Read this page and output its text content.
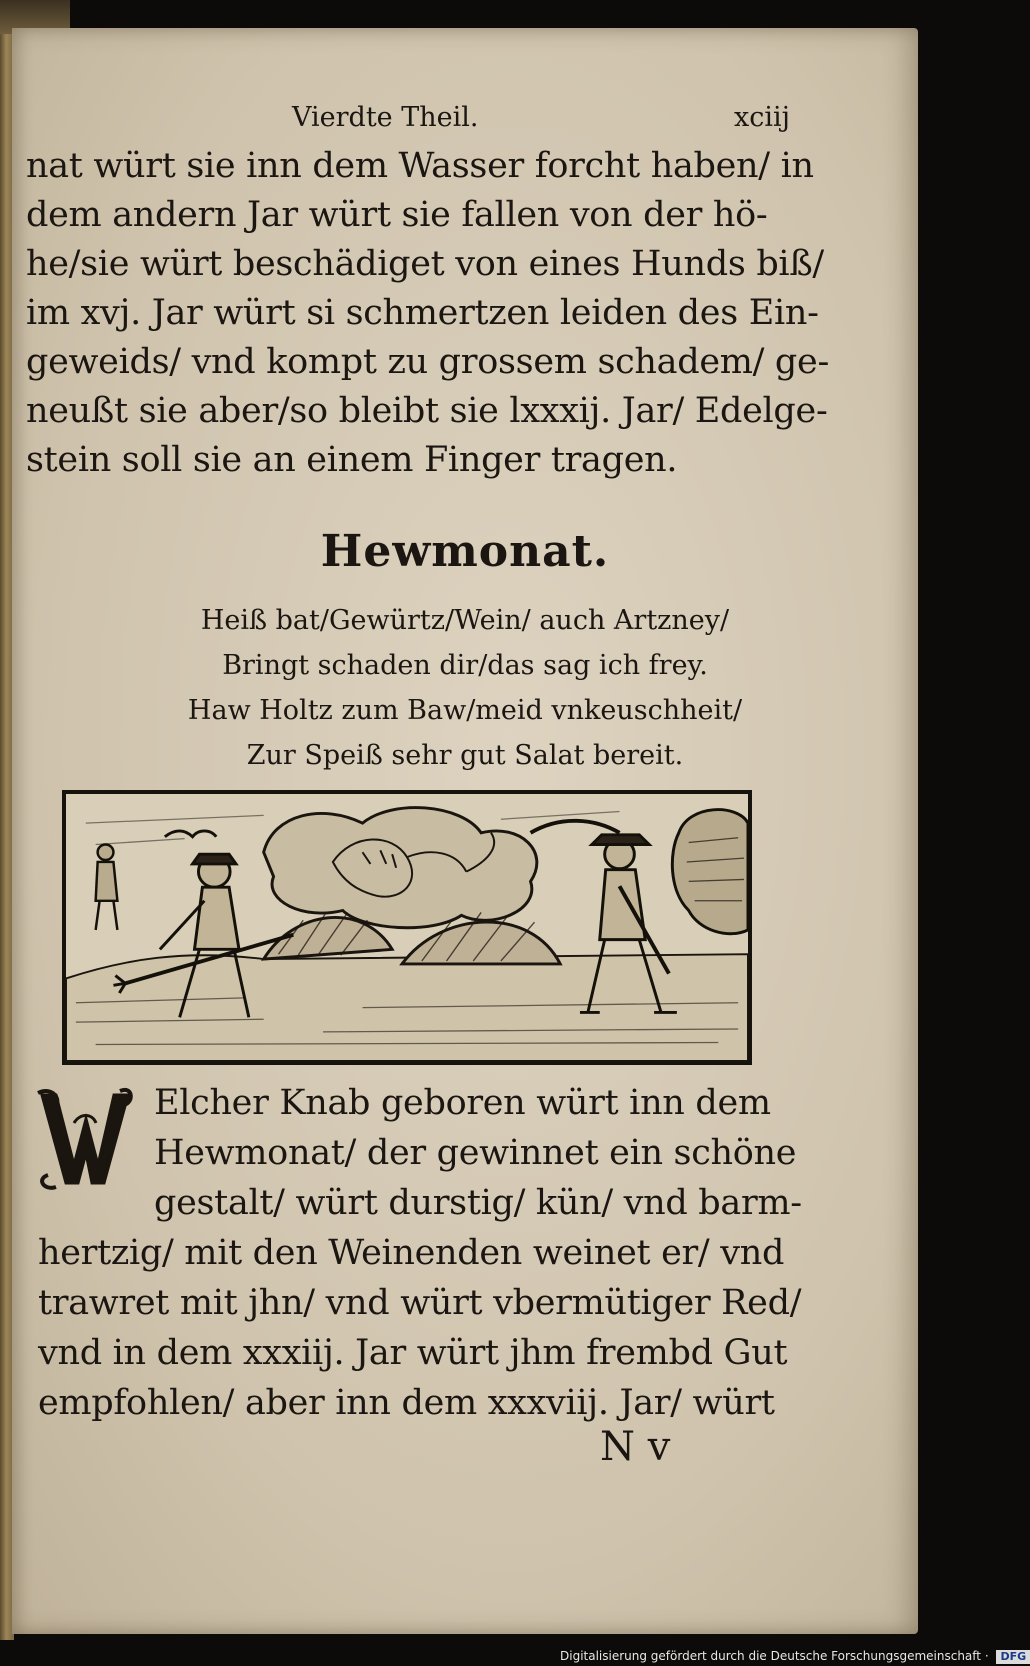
Vierdte Theil.	xciij
nat würt sie inn dem Wasser forcht haben/ in
dem andern Jar würt sie fallen von der hö-
he/sie würt beschädiget von eines Hunds biß/
im xvj. Jar würt si schmertzen leiden des Ein-
geweids/ vnd kompt zu grossem schadem/ ge-
neußt sie aber/so bleibt sie lxxxij. Jar/ Edelge-
stein soll sie an einem Finger tragen.
Hewmonat.
Heiß bat/Gewürtz/Wein/ auch Artzney/
Bringt schaden dir/das sag ich frey.
Haw Holtz zum Baw/meid vnkeuschheit/
Zur Speiß sehr gut Salat bereit.
Elcher Knab geboren würt inn dem
Hewmonat/ der gewinnet ein schöne
gestalt/ würt durstig/ kün/ vnd barm-
hertzig/ mit den Weinenden weinet er/ vnd
trawret mit jhn/ vnd würt vbermütiger Red/
vnd in dem xxxiij. Jar würt jhm frembd Gut
empfohlen/ aber inn dem xxxviij. Jar/ würt
N v
Digitalisierung gefördert durch die Deutsche Forschungsgemeinschaft · DFG
